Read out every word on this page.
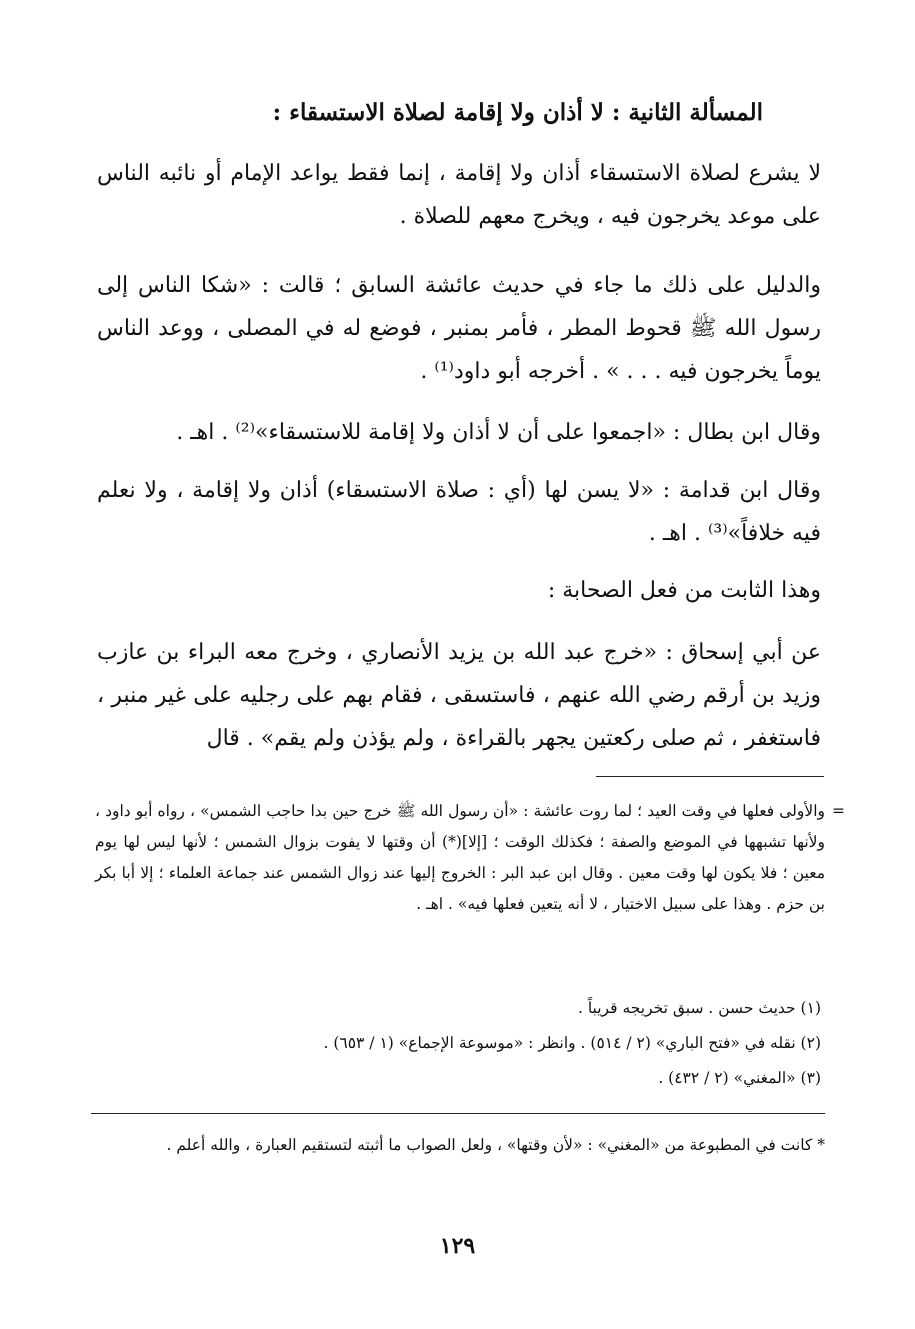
المسألة الثانية : لا أذان ولا إقامة لصلاة الاستسقاء :
لا يشرع لصلاة الاستسقاء أذان ولا إقامة ، إنما فقط يواعد الإمام أو نائبه الناس على موعد يخرجون فيه ، ويخرج معهم للصلاة .
والدليل على ذلك ما جاء في حديث عائشة السابق ؛ قالت : «شكا الناس إلى رسول الله ﷺ قحوط المطر ، فأمر بمنبر ، فوضع له في المصلى ، ووعد الناس يوماً يخرجون فيه . . . » . أخرجه أبو داود⁽¹⁾ .
وقال ابن بطال : «اجمعوا على أن لا أذان ولا إقامة للاستسقاء»⁽²⁾ . اهـ .
وقال ابن قدامة : «لا يسن لها (أي : صلاة الاستسقاء) أذان ولا إقامة ، ولا نعلم فيه خلافاً»⁽³⁾ . اهـ .
وهذا الثابت من فعل الصحابة :
عن أبي إسحاق : «خرج عبد الله بن يزيد الأنصاري ، وخرج معه البراء بن عازب وزيد بن أرقم رضي الله عنهم ، فاستسقى ، فقام بهم على رجليه على غير منبر ، فاستغفر ، ثم صلى ركعتين يجهر بالقراءة ، ولم يؤذن ولم يقم» . قال
=
والأولى فعلها في وقت العيد ؛ لما روت عائشة : «أن رسول الله ﷺ خرج حين بدا حاجب الشمس» ، رواه أبو داود ، ولأنها تشبهها في الموضع والصفة ؛ فكذلك الوقت ؛ [إلا](*) أن وقتها لا يفوت بزوال الشمس ؛ لأنها ليس لها يوم معين ؛ فلا يكون لها وقت معين . وقال ابن عبد البر : الخروج إليها عند زوال الشمس عند جماعة العلماء ؛ إلا أبا بكر بن حزم . وهذا على سبيل الاختيار ، لا أنه يتعين فعلها فيه» . اهـ .
(١) حديث حسن . سبق تخريجه قريباً .
(٢) نقله في «فتح الباري» (٢ / ٥١٤) . وانظر : «موسوعة الإجماع» (١ / ٦٥٣) .
(٣) «المغني» (٢ / ٤٣٢) .
* كانت في المطبوعة من «المغني» : «لأن وقتها» ، ولعل الصواب ما أثبته لتستقيم العبارة ، والله أعلم .
١٢٩
